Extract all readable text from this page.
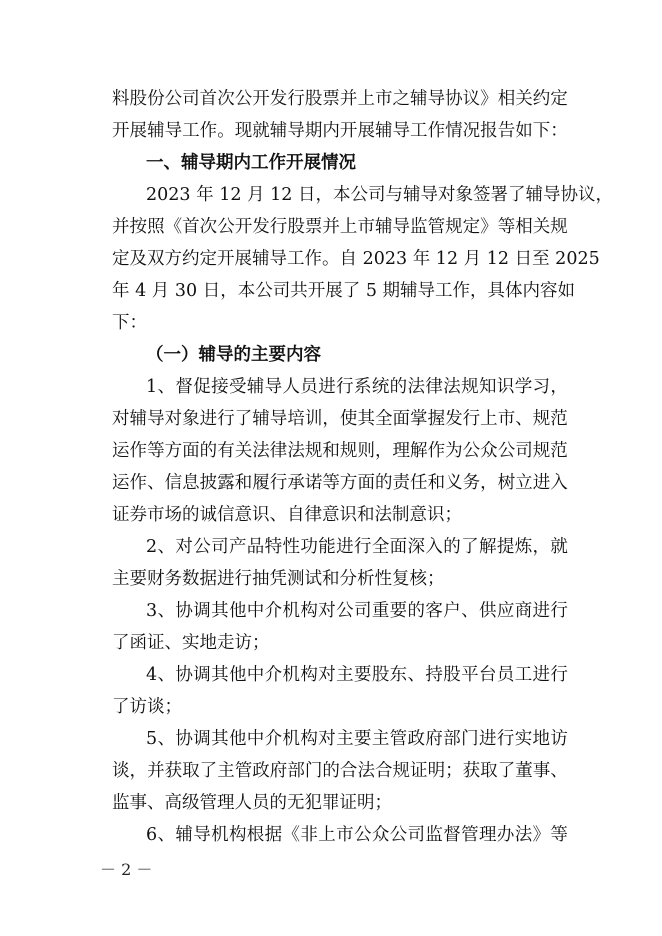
料 股 份 公 司 首 次 公 开 发 行 股 票 并 上 市 之 辅 导 协 议 》 相 关 约 定
开 展 辅 导 工 作 。 现 就 辅 导 期 内 开 展 辅 导 工 作 情 况 报 告 如 下 ：
一、辅导期内工作开展情况
2 0 2 3
年
1 2
月
1 2
日 ， 本 公 司 与 辅 导 对 象 签 署 了 辅 导 协 议 ，
并 按 照 《 首 次 公 开 发 行 股 票 并 上 市 辅 导 监 管 规 定 》 等 相 关 规
定 及 双 方 约 定 开 展 辅 导 工 作 。 自
2 0 2 3
年
1 2
月
1 2
日 至
2 0 2 5
年
4
月
3 0
日 ， 本 公 司 共 开 展 了
5
期 辅 导 工 作 ， 具 体 内 容 如
下：
（一）辅导的主要内容
1 、 督 促 接 受 辅 导 人 员 进 行 系 统 的 法 律 法 规 知 识 学 习 ，
对 辅 导 对 象 进 行 了 辅 导 培 训 ， 使 其 全 面 掌 握 发 行 上 市 、 规 范
运 作 等 方 面 的 有 关 法 律 法 规 和 规 则 ， 理 解 作 为 公 众 公 司 规 范
运 作 、 信 息 披 露 和 履 行 承 诺 等 方 面 的 责 任 和 义 务 ， 树 立 进 入
证券市场的诚信意识、自律意识和法制意识；
2 、 对 公 司 产 品 特 性 功 能 进 行 全 面 深 入 的 了 解 提 炼 ， 就
主要财务数据进行抽凭测试和分析性复核；
3 、 协 调 其 他 中 介 机 构 对 公 司 重 要 的 客 户 、 供 应 商 进 行
了函证、实地走访；
4 、 协 调 其 他 中 介 机 构 对 主 要 股 东 、 持 股 平 台 员 工 进 行
了访谈；
5 、 协 调 其 他 中 介 机 构 对 主 要 主 管 政 府 部 门 进 行 实 地 访
谈 ， 并 获 取 了 主 管 政 府 部 门 的 合 法 合 规 证 明 ； 获 取 了 董 事 、
监事、高级管理人员的无犯罪证明；
6 、 辅 导 机 构 根 据 《 非 上 市 公 众 公 司 监 督 管 理 办 法 》 等
－ 2 －
